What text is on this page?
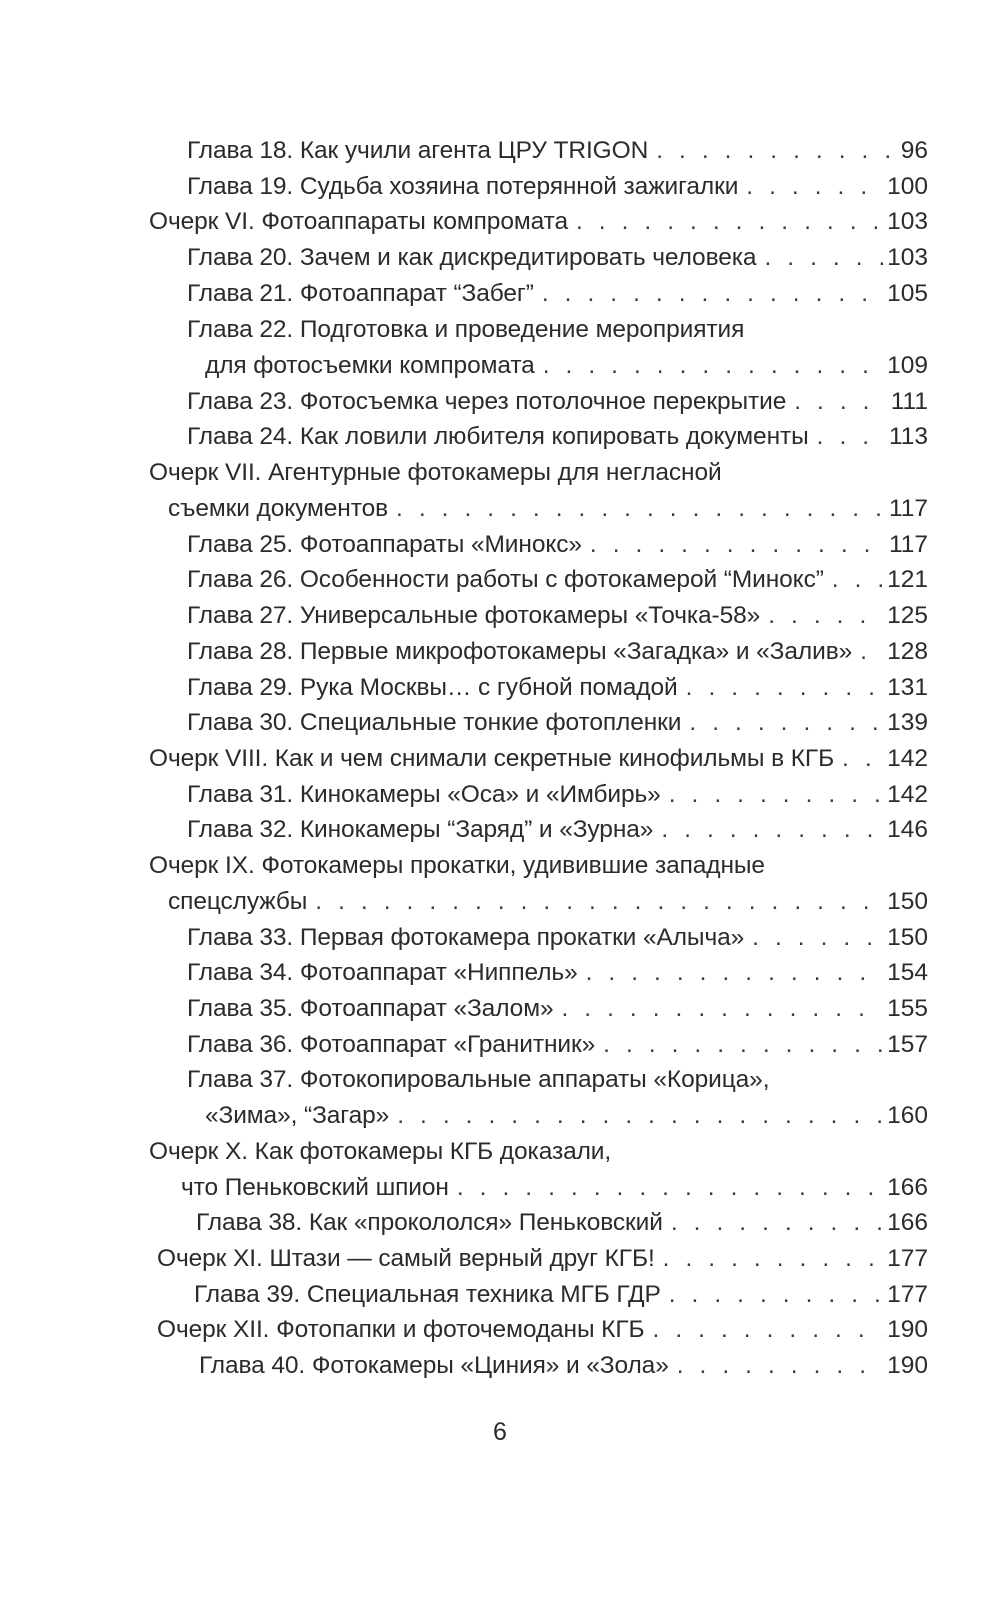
Глава 18. Как учили агента ЦРУ TRIGON . . .	96
Глава 19. Судьба хозяина потерянной зажигалки . . .	100
Очерк VI. Фотоаппараты компромата . . .	103
Глава 20. Зачем и как дискредитировать человека . . .	103
Глава 21. Фотоаппарат “Забег” . . .	105
Глава 22. Подготовка и проведение мероприятия
для фотосъемки компромата . . .	109
Глава 23. Фотосъемка через потолочное перекрытие . . .	111
Глава 24. Как ловили любителя копировать документы . . .	113
Очерк VII. Агентурные фотокамеры для негласной
съемки документов . . .	117
Глава 25. Фотоаппараты «Минокс» . . .	117
Глава 26. Особенности работы с фотокамерой “Минокс” . . .	121
Глава 27. Универсальные фотокамеры «Точка-58» . . .	125
Глава 28. Первые микрофотокамеры «Загадка» и «Залив» . . . 128
Глава 29. Рука Москвы… с губной помадой . . .	131
Глава 30. Специальные тонкие фотопленки . . .	139
Очерк VIII. Как и чем снимали секретные кинофильмы в КГБ . . . 142
Глава 31. Кинокамеры «Оса» и «Имбирь» . . .	142
Глава 32. Кинокамеры “Заряд” и «Зурна» . . .	146
Очерк IX. Фотокамеры прокатки, удивившие западные
спецслужбы . . .	150
Глава 33. Первая фотокамера прокатки «Алыча» . . .	150
Глава 34. Фотоаппарат «Ниппель» . . .	154
Глава 35. Фотоаппарат «Залом» . . .	155
Глава 36. Фотоаппарат «Гранитник» . . .	157
Глава 37. Фотокопировальные аппараты «Корица»,
«Зима», “Загар» . . .	160
Очерк X. Как фотокамеры КГБ доказали,
что Пеньковский шпион . . .	166
Глава 38. Как «прокололся» Пеньковский . . .	166
Очерк XI. Штази — самый верный друг КГБ! . . .	177
Глава 39. Специальная техника МГБ ГДР . . .	177
Очерк XII. Фотопапки и фоточемоданы КГБ . . .	190
Глава 40. Фотокамеры «Циния» и «Зола» . . .	190
6
